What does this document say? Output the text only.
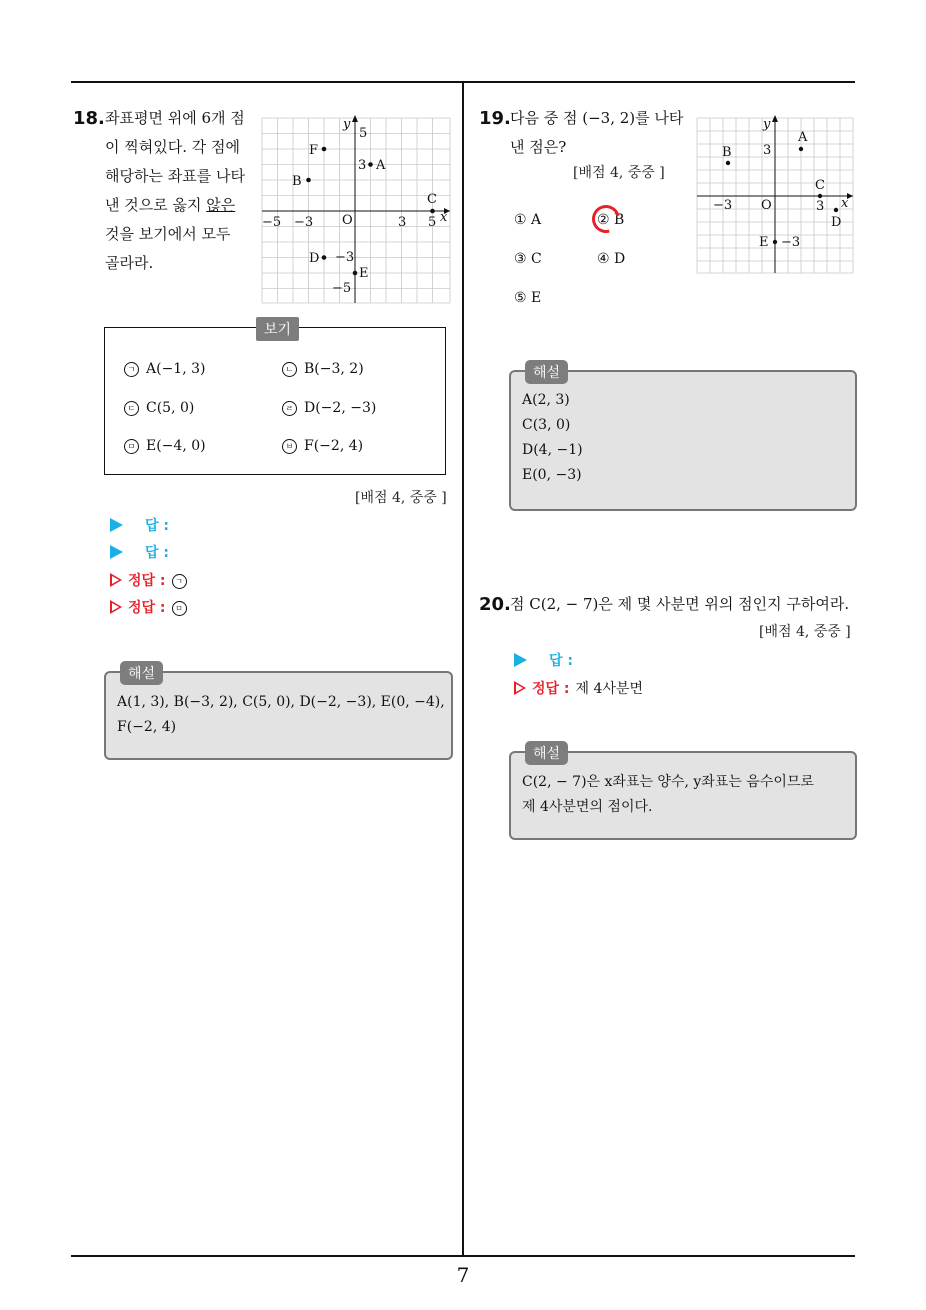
7
18. 좌표평면 위에 6개 점이 찍혀있다. 각 점에 해당하는 좌표를 나타낸 것으로 옳지 않은 것을 보기에서 모두 골라라.
x
y
O
5
3
−3
−5
−5 −3	3 5
F
A
B
C
D
E
보기
ㄱ A(−1, 3)	ㄴ B(−3, 2)
ㄷ C(5, 0)	ㄹ D(−2, −3)
ㅁ E(−4, 0)	ㅂ F(−2, 4)
[배점 4, 중중 ]
답 :
답 :
정답 : ㄱ
정답 : ㅁ
해설
A(1, 3), B(−3, 2), C(5, 0), D(−2, −3), E(0, −4),
F(−2, 4)
19. 다음 중 점 (−3, 2)를 나타
낸 점은?
[배점 4, 중중 ]
① A	② B
③ C	④ D
⑤ E
x
y
O
3
−3
−3	3
A
B
C
D
E
해설
A(2, 3)
C(3, 0)
D(4, −1)
E(0, −3)
20. 점 C(2, − 7)은 제 몇 사분면 위의 점인지 구하여라.
[배점 4, 중중 ]
답 :
정답 : 제 4사분면
해설
C(2, − 7)은 x좌표는 양수, y좌표는 음수이므로
제 4사분면의 점이다.
